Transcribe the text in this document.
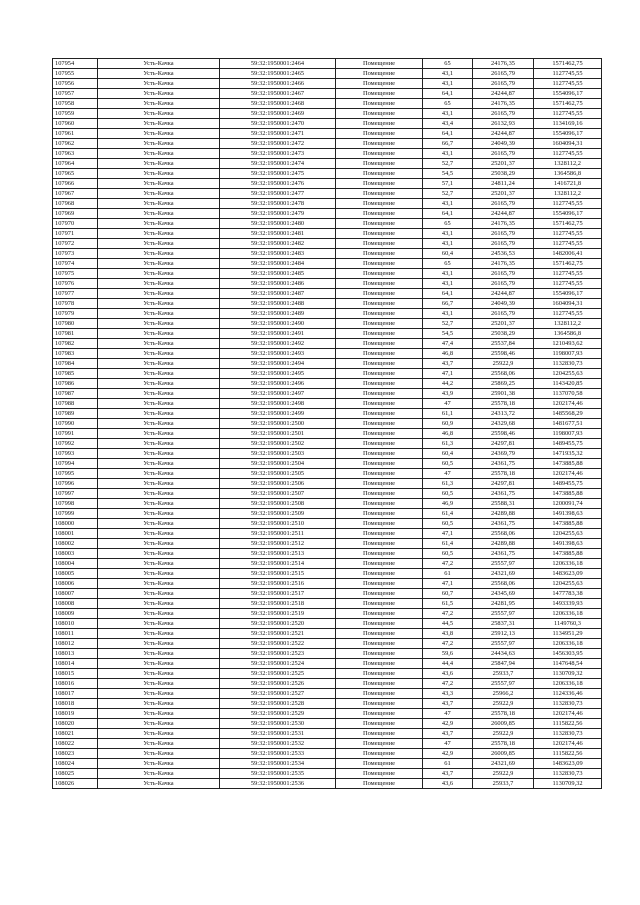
107954	Усть-Качка	59:32:1950001:2464	Помещение	65	24176,35	1571462,75
107955	Усть-Качка	59:32:1950001:2465	Помещение	43,1	26165,79	1127745,55
107956	Усть-Качка	59:32:1950001:2466	Помещение	43,1	26165,79	1127745,55
107957	Усть-Качка	59:32:1950001:2467	Помещение	64,1	24244,87	1554096,17
107958	Усть-Качка	59:32:1950001:2468	Помещение	65	24176,35	1571462,75
107959	Усть-Качка	59:32:1950001:2469	Помещение	43,1	26165,79	1127745,55
107960	Усть-Качка	59:32:1950001:2470	Помещение	43,4	26132,93	1134169,16
107961	Усть-Качка	59:32:1950001:2471	Помещение	64,1	24244,87	1554096,17
107962	Усть-Качка	59:32:1950001:2472	Помещение	66,7	24049,39	1604094,31
107963	Усть-Качка	59:32:1950001:2473	Помещение	43,1	26165,79	1127745,55
107964	Усть-Качка	59:32:1950001:2474	Помещение	52,7	25201,37	1328112,2
107965	Усть-Качка	59:32:1950001:2475	Помещение	54,5	25038,29	1364586,8
107966	Усть-Качка	59:32:1950001:2476	Помещение	57,1	24811,24	1416721,8
107967	Усть-Качка	59:32:1950001:2477	Помещение	52,7	25201,37	1328112,2
107968	Усть-Качка	59:32:1950001:2478	Помещение	43,1	26165,79	1127745,55
107969	Усть-Качка	59:32:1950001:2479	Помещение	64,1	24244,87	1554096,17
107970	Усть-Качка	59:32:1950001:2480	Помещение	65	24176,35	1571462,75
107971	Усть-Качка	59:32:1950001:2481	Помещение	43,1	26165,79	1127745,55
107972	Усть-Качка	59:32:1950001:2482	Помещение	43,1	26165,79	1127745,55
107973	Усть-Качка	59:32:1950001:2483	Помещение	60,4	24536,53	1482006,41
107974	Усть-Качка	59:32:1950001:2484	Помещение	65	24176,35	1571462,75
107975	Усть-Качка	59:32:1950001:2485	Помещение	43,1	26165,79	1127745,55
107976	Усть-Качка	59:32:1950001:2486	Помещение	43,1	26165,79	1127745,55
107977	Усть-Качка	59:32:1950001:2487	Помещение	64,1	24244,87	1554096,17
107978	Усть-Качка	59:32:1950001:2488	Помещение	66,7	24049,39	1604094,31
107979	Усть-Качка	59:32:1950001:2489	Помещение	43,1	26165,79	1127745,55
107980	Усть-Качка	59:32:1950001:2490	Помещение	52,7	25201,37	1328112,2
107981	Усть-Качка	59:32:1950001:2491	Помещение	54,5	25038,29	1364586,8
107982	Усть-Качка	59:32:1950001:2492	Помещение	47,4	25537,84	1210493,62
107983	Усть-Качка	59:32:1950001:2493	Помещение	46,8	25598,46	1198007,93
107984	Усть-Качка	59:32:1950001:2494	Помещение	43,7	25922,9	1132830,73
107985	Усть-Качка	59:32:1950001:2495	Помещение	47,1	25568,06	1204255,63
107986	Усть-Качка	59:32:1950001:2496	Помещение	44,2	25869,25	1143420,85
107987	Усть-Качка	59:32:1950001:2497	Помещение	43,9	25901,38	1137070,58
107988	Усть-Качка	59:32:1950001:2498	Помещение	47	25578,18	1202174,46
107989	Усть-Качка	59:32:1950001:2499	Помещение	61,1	24313,72	1485568,29
107990	Усть-Качка	59:32:1950001:2500	Помещение	60,9	24329,68	1481677,51
107991	Усть-Качка	59:32:1950001:2501	Помещение	46,8	25598,46	1198007,93
107992	Усть-Качка	59:32:1950001:2502	Помещение	61,3	24297,81	1489455,75
107993	Усть-Качка	59:32:1950001:2503	Помещение	60,4	24369,79	1471935,32
107994	Усть-Качка	59:32:1950001:2504	Помещение	60,5	24361,75	1473885,88
107995	Усть-Качка	59:32:1950001:2505	Помещение	47	25578,18	1202174,46
107996	Усть-Качка	59:32:1950001:2506	Помещение	61,3	24297,81	1489455,75
107997	Усть-Качка	59:32:1950001:2507	Помещение	60,5	24361,75	1473885,88
107998	Усть-Качка	59:32:1950001:2508	Помещение	46,9	25588,31	1200091,74
107999	Усть-Качка	59:32:1950001:2509	Помещение	61,4	24289,88	1491398,63
108000	Усть-Качка	59:32:1950001:2510	Помещение	60,5	24361,75	1473885,88
108001	Усть-Качка	59:32:1950001:2511	Помещение	47,1	25568,06	1204255,63
108002	Усть-Качка	59:32:1950001:2512	Помещение	61,4	24289,88	1491398,63
108003	Усть-Качка	59:32:1950001:2513	Помещение	60,5	24361,75	1473885,88
108004	Усть-Качка	59:32:1950001:2514	Помещение	47,2	25557,97	1206336,18
108005	Усть-Качка	59:32:1950001:2515	Помещение	61	24321,69	1483623,09
108006	Усть-Качка	59:32:1950001:2516	Помещение	47,1	25568,06	1204255,63
108007	Усть-Качка	59:32:1950001:2517	Помещение	60,7	24345,69	1477783,38
108008	Усть-Качка	59:32:1950001:2518	Помещение	61,5	24281,95	1493339,93
108009	Усть-Качка	59:32:1950001:2519	Помещение	47,2	25557,97	1206336,18
108010	Усть-Качка	59:32:1950001:2520	Помещение	44,5	25837,31	1149760,3
108011	Усть-Качка	59:32:1950001:2521	Помещение	43,8	25912,13	1134951,29
108012	Усть-Качка	59:32:1950001:2522	Помещение	47,2	25557,97	1206336,18
108013	Усть-Качка	59:32:1950001:2523	Помещение	59,6	24434,63	1456303,95
108014	Усть-Качка	59:32:1950001:2524	Помещение	44,4	25847,94	1147648,54
108015	Усть-Качка	59:32:1950001:2525	Помещение	43,6	25933,7	1130709,32
108016	Усть-Качка	59:32:1950001:2526	Помещение	47,2	25557,97	1206336,18
108017	Усть-Качка	59:32:1950001:2527	Помещение	43,3	25966,2	1124336,46
108018	Усть-Качка	59:32:1950001:2528	Помещение	43,7	25922,9	1132830,73
108019	Усть-Качка	59:32:1950001:2529	Помещение	47	25578,18	1202174,46
108020	Усть-Качка	59:32:1950001:2530	Помещение	42,9	26009,85	1115822,56
108021	Усть-Качка	59:32:1950001:2531	Помещение	43,7	25922,9	1132830,73
108022	Усть-Качка	59:32:1950001:2532	Помещение	47	25578,18	1202174,46
108023	Усть-Качка	59:32:1950001:2533	Помещение	42,9	26009,85	1115822,56
108024	Усть-Качка	59:32:1950001:2534	Помещение	61	24321,69	1483623,09
108025	Усть-Качка	59:32:1950001:2535	Помещение	43,7	25922,9	1132830,73
108026	Усть-Качка	59:32:1950001:2536	Помещение	43,6	25933,7	1130709,32
